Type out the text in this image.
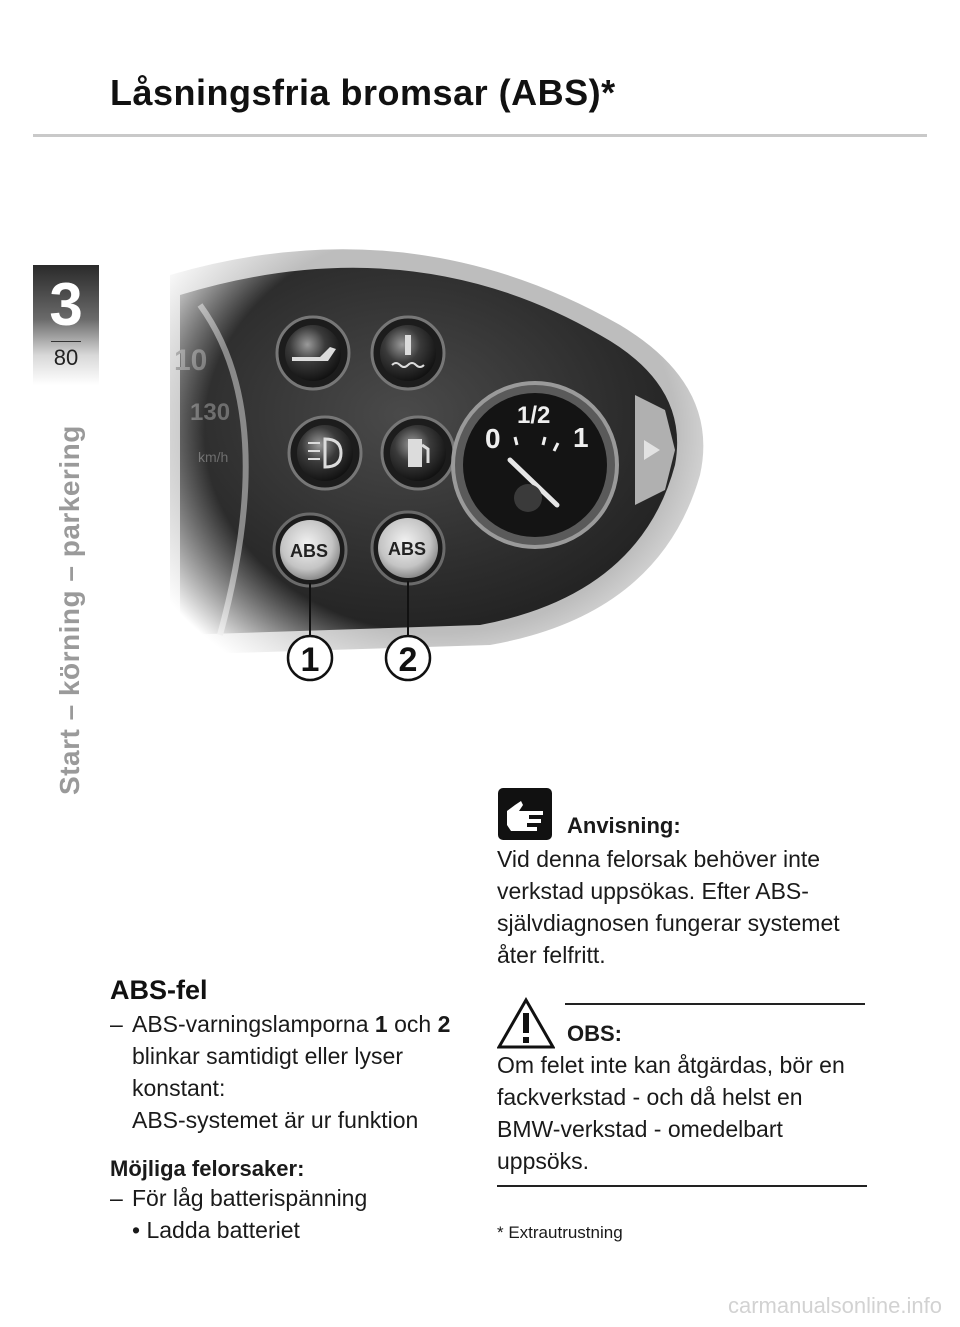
Låsningsfria bromsar (ABS)*
3
80
Start – körning – parkering	1 2
ABS-fel
– ABS-varningslamporna 1 och 2 blinkar samtidigt eller lyser konstant:
ABS-systemet är ur funktion
Möjliga felorsaker:
– För låg batterispänning
• Ladda batteriet
Anvisning:
Vid denna felorsak behöver inte verkstad uppsökas. Efter ABS-självdiagnosen fungerar systemet åter felfritt.
OBS:
Om felet inte kan åtgärdas, bör en fackverkstad - och då helst en BMW-verkstad - omedelbart uppsöks.
* Extrautrustning
carmanualsonline.info
